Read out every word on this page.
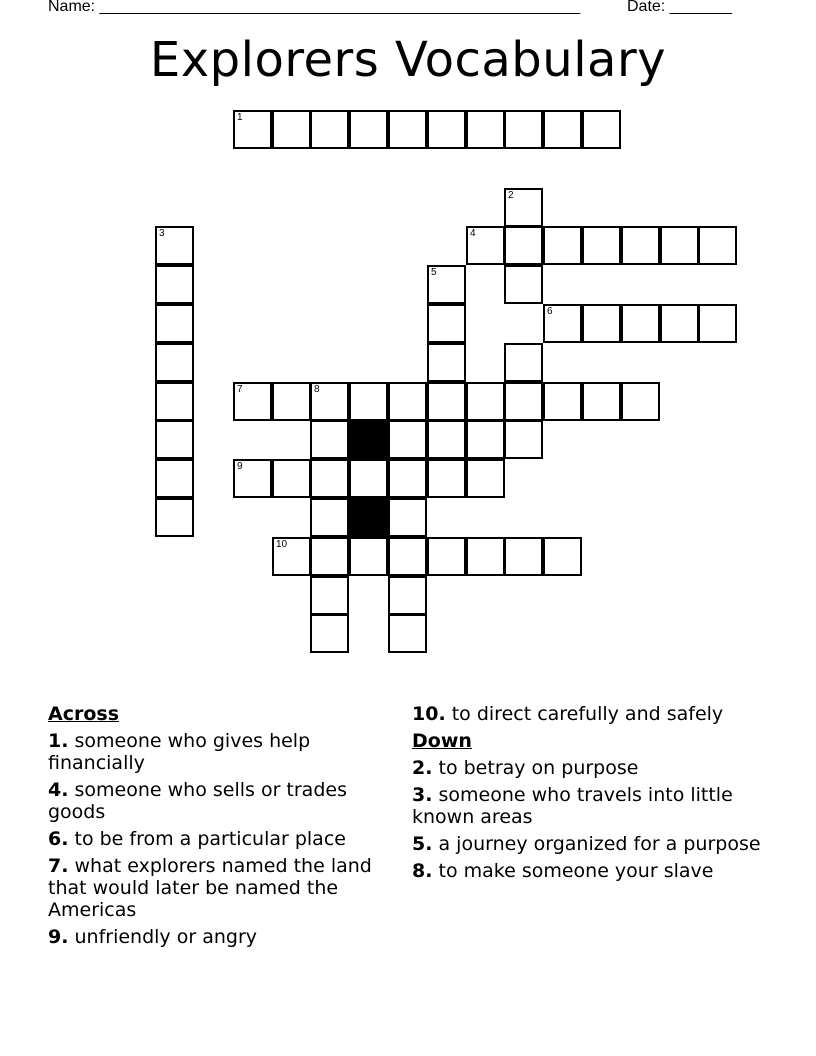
Name: ______________________________________________________	Date: _______
Explorers Vocabulary
1
2
3	4
5
6
7	8
9
10
Across
1. someone who gives help financially
4. someone who sells or trades goods
6. to be from a particular place
7. what explorers named the land that would later be named the Americas
9. unfriendly or angry
10. to direct carefully and safely
Down
2. to betray on purpose
3. someone who travels into little known areas
5. a journey organized for a purpose
8. to make someone your slave
